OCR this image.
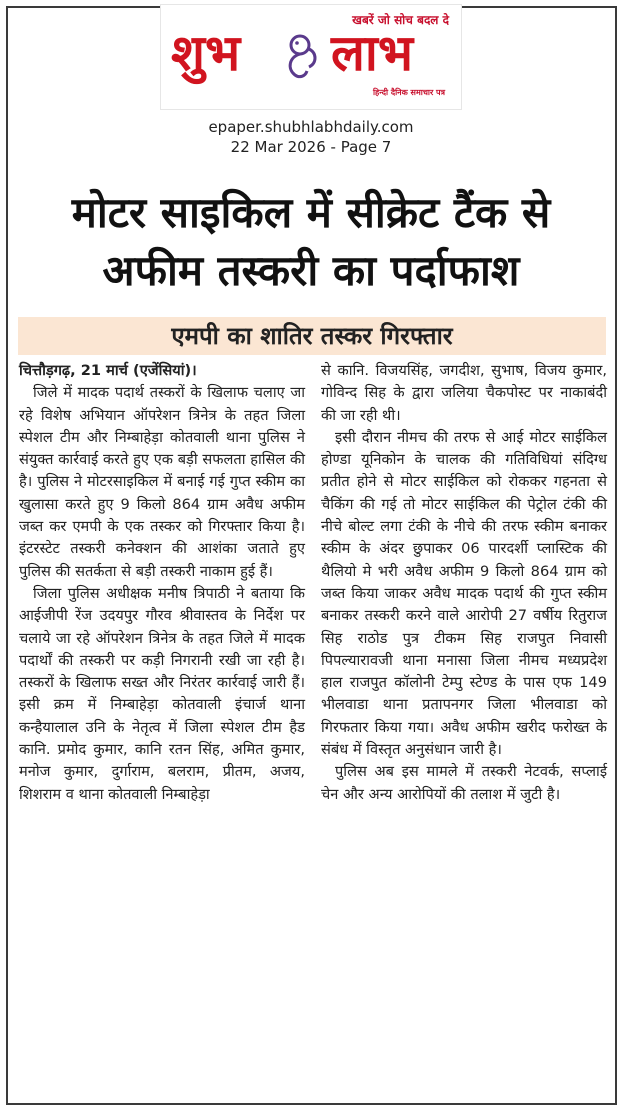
खबरें जो सोच बदल दे
शुभ लाभ
हिन्दी दैनिक समाचार पत्र
epaper.shubhlabhdaily.com
22 Mar 2026 - Page 7
मोटर साइकिल में सीक्रेट टैंक से
अफीम तस्करी का पर्दाफाश
एमपी का शातिर तस्कर गिरफ्तार
चित्तौड़गढ़, 21 मार्च (एजेंसियां)।

जिले में मादक पदार्थ तस्करों के खिलाफ चलाए जा रहे विशेष अभियान ऑपरेशन त्रिनेत्र के तहत जिला स्पेशल टीम और निम्बाहेड़ा कोतवाली थाना पुलिस ने संयुक्त कार्रवाई करते हुए एक बड़ी सफलता हासिल की है। पुलिस ने मोटरसाइकिल में बनाई गई गुप्त स्कीम का खुलासा करते हुए 9 किलो 864 ग्राम अवैध अफीम जब्त कर एमपी के एक तस्कर को गिरफ्तार किया है। इंटरस्टेट तस्करी कनेक्शन की आशंका जताते हुए पुलिस की सतर्कता से बड़ी तस्करी नाकाम हुई हैं।

जिला पुलिस अधीक्षक मनीष त्रिपाठी ने बताया कि आईजीपी रेंज उदयपुर गौरव श्रीवास्तव के निर्देश पर चलाये जा रहे ऑपरेशन त्रिनेत्र के तहत जिले में मादक पदार्थों की तस्करी पर कड़ी निगरानी रखी जा रही है। तस्करों के खिलाफ सख्त और निरंतर कार्रवाई जारी हैं।इसी क्रम में निम्बाहेड़ा कोतवाली इंचार्ज थाना कन्हैयालाल उनि के नेतृत्व में जिला स्पेशल टीम हैड कानि. प्रमोद कुमार, कानि रतन सिंह, अमित कुमार, मनोज कुमार, दुर्गाराम, बलराम, प्रीतम, अजय, शिशराम व थाना कोतवाली निम्बाहेड़ा

से कानि. विजयसिंह, जगदीश, सुभाष, विजय कुमार, गोविन्द सिह के द्वारा जलिया चैकपोस्ट पर नाकाबंदी की जा रही थी।

इसी दौरान नीमच की तरफ से आई मोटर साईकिल होण्डा यूनिकोन के चालक की गतिविधियां संदिग्ध प्रतीत होने से मोटर साईकिल को रोककर गहनता से चैकिंग की गई तो मोटर साईकिल की पेट्रोल टंकी की नीचे बोल्ट लगा टंकी के नीचे की तरफ स्कीम बनाकर स्कीम के अंदर छुपाकर 06 पारदर्शी प्लास्टिक की थैलियो मे भरी अवैध अफीम 9 किलो 864 ग्राम को जब्त किया जाकर अवैध मादक पदार्थ की गुप्त स्कीम बनाकर तस्करी करने वाले आरोपी 27 वर्षीय रितुराज सिह राठोड पुत्र टीकम सिह राजपुत निवासी पिपल्यारावजी थाना मनासा जिला नीमच मध्यप्रदेश हाल राजपुत कॉलोनी टेम्पु स्टेण्ड के पास एफ 149 भीलवाडा थाना प्रतापनगर जिला भीलवाडा को गिरफतार किया गया। अवैध अफीम खरीद फरोख्त के संबंध में विस्तृत अनुसंधान जारी है।

पुलिस अब इस मामले में तस्करी नेटवर्क, सप्लाई चेन और अन्य आरोपियों की तलाश में जुटी है।
